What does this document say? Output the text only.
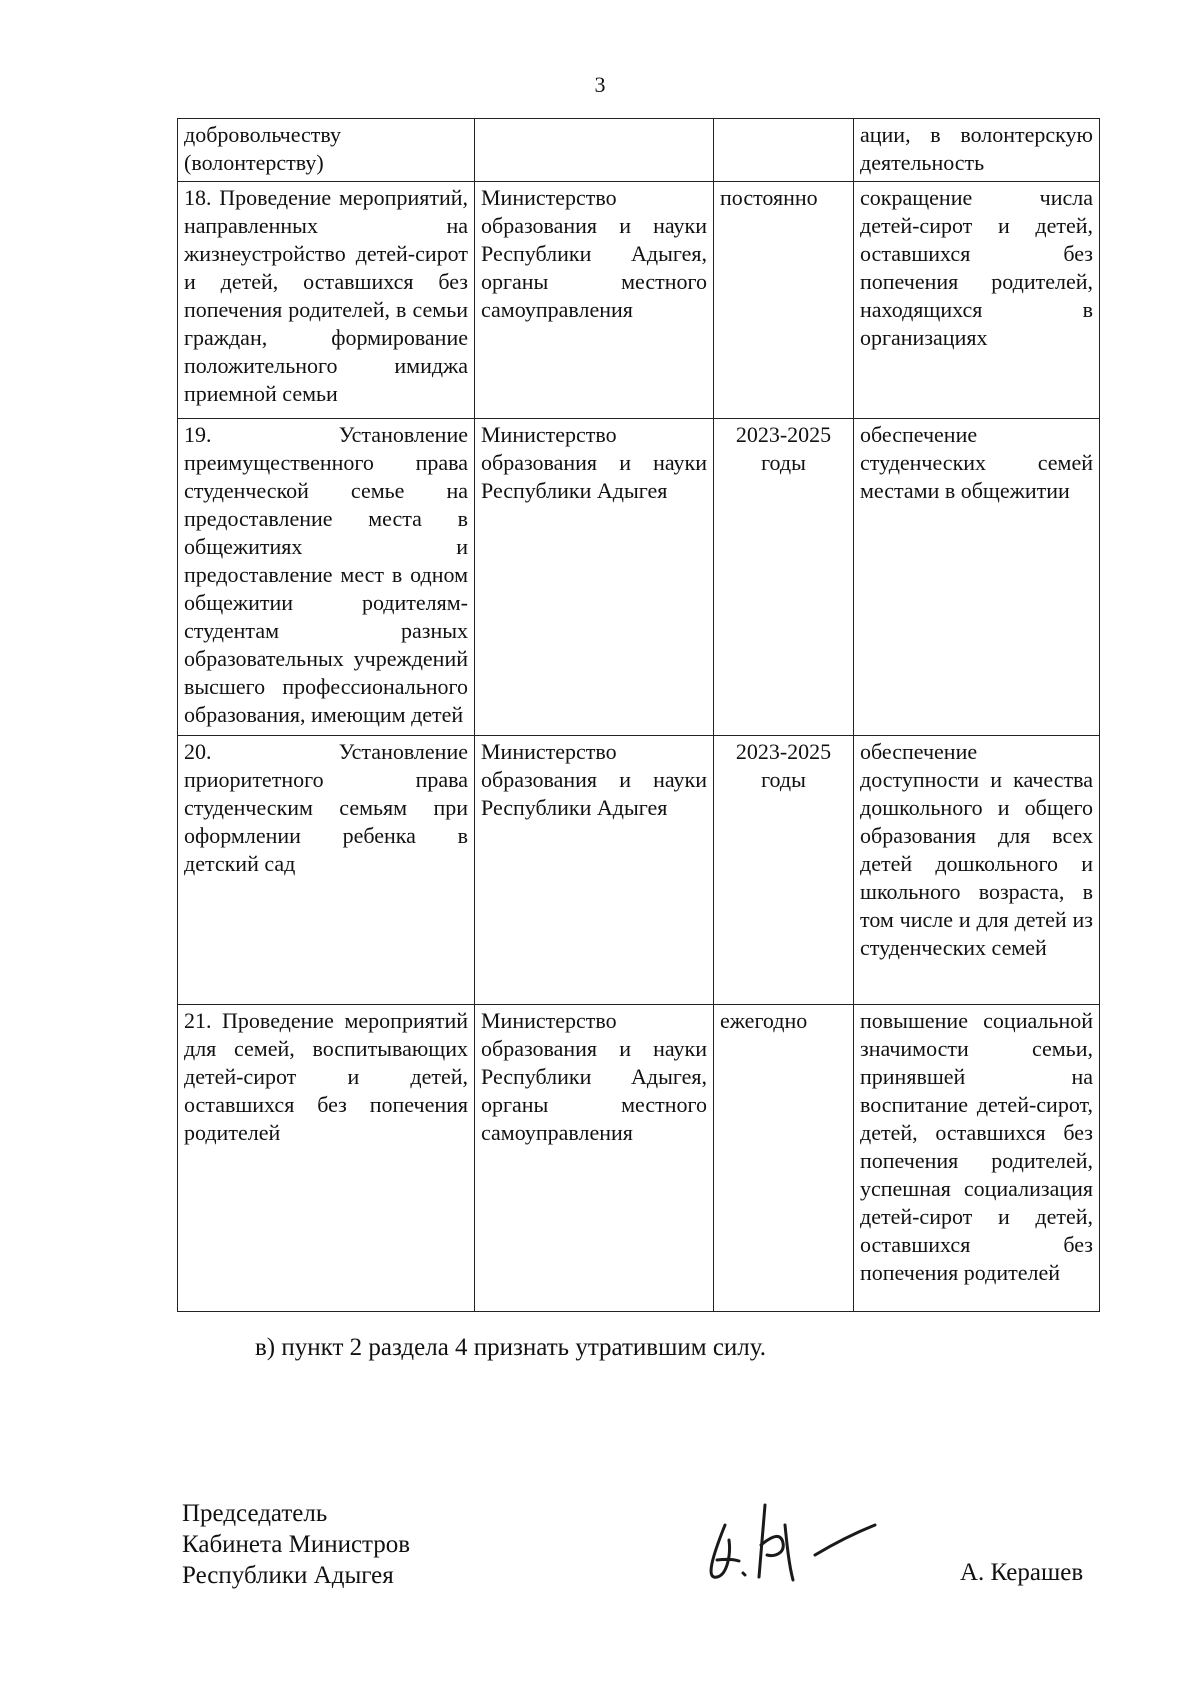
3
добровольчеству (волонтерству)			ации, в волонтерскую деятельность
18. Проведение мероприятий, направленных на жизнеустройство детей-сирот и детей, оставшихся без попечения родителей, в семьи граждан, формирование положительного имиджа приемной семьи	Министерство образования и науки Республики Адыгея, органы местного самоуправления	постоянно	сокращение числа детей-сирот и детей, оставшихся без попечения родителей, находящихся в организациях
19. Установление преимущественного права студенческой семье на предоставление места в общежитиях и предоставление мест в одном общежитии родителям-студентам разных образовательных учреждений высшего профессионального образования, имеющим детей	Министерство образования и науки Республики Адыгея	2023-2025 годы	обеспечение студенческих семей местами в общежитии
20. Установление приоритетного права студенческим семьям при оформлении ребенка в детский сад	Министерство образования и науки Республики Адыгея	2023-2025 годы	обеспечение доступности и качества дошкольного и общего образования для всех детей дошкольного и школьного возраста, в том числе и для детей из студенческих семей
21. Проведение мероприятий для семей, воспитывающих детей-сирот и детей, оставшихся без попечения родителей	Министерство образования и науки Республики Адыгея, органы местного самоуправления	ежегодно	повышение социальной значимости семьи, принявшей на воспитание детей-сирот, детей, оставшихся без попечения родителей, успешная социализация детей-сирот и детей, оставшихся без попечения родителей
в) пункт 2 раздела 4 признать утратившим силу.
Председатель
Кабинета Министров
Республики Адыгея	А. Керашев
